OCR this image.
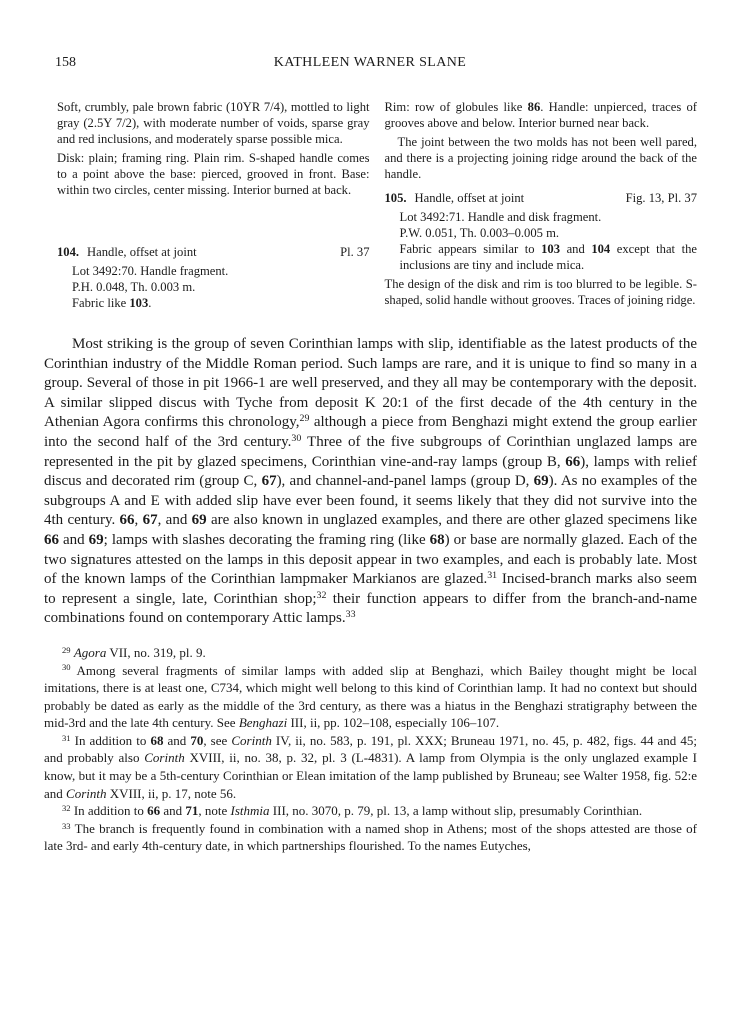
158	KATHLEEN WARNER SLANE

Soft, crumbly, pale brown fabric (10YR 7/4), mottled to light gray (2.5Y 7/2), with moderate number of voids, sparse gray and red inclusions, and moderately sparse possible mica.

Disk: plain; framing ring. Plain rim. S-shaped handle comes to a point above the base: pierced, grooved in front. Base: within two circles, center missing. Interior burned at back.

104. Handle, offset at joint	Pl. 37
Lot 3492:70. Handle fragment.
P.H. 0.048, Th. 0.003 m.
Fabric like 103.

Rim: row of globules like 86. Handle: unpierced, traces of grooves above and below. Interior burned near back.

The joint between the two molds has not been well pared, and there is a projecting joining ridge around the back of the handle.

105. Handle, offset at joint	Fig. 13, Pl. 37
Lot 3492:71. Handle and disk fragment.
P.W. 0.051, Th. 0.003–0.005 m.
Fabric appears similar to 103 and 104 except that the inclusions are tiny and include mica.

The design of the disk and rim is too blurred to be legible. S-shaped, solid handle without grooves. Traces of joining ridge.

Most striking is the group of seven Corinthian lamps with slip, identifiable as the latest products of the Corinthian industry of the Middle Roman period. Such lamps are rare, and it is unique to find so many in a group. Several of those in pit 1966-1 are well preserved, and they all may be contemporary with the deposit. A similar slipped discus with Tyche from deposit K 20:1 of the first decade of the 4th century in the Athenian Agora confirms this chronology,$^{29}$ although a piece from Benghazi might extend the group earlier into the second half of the 3rd century.$^{30}$ Three of the five subgroups of Corinthian unglazed lamps are represented in the pit by glazed specimens, Corinthian vine-and-ray lamps (group B, 66), lamps with relief discus and decorated rim (group C, 67), and channel-and-panel lamps (group D, 69). As no examples of the subgroups A and E with added slip have ever been found, it seems likely that they did not survive into the 4th century. 66, 67, and 69 are also known in unglazed examples, and there are other glazed specimens like 66 and 69; lamps with slashes decorating the framing ring (like 68) or base are normally glazed. Each of the two signatures attested on the lamps in this deposit appear in two examples, and each is probably late. Most of the known lamps of the Corinthian lampmaker Markianos are glazed.$^{31}$ Incised-branch marks also seem to represent a single, late, Corinthian shop;$^{32}$ their function appears to differ from the branch-and-name combinations found on contemporary Attic lamps.$^{33}$

$^{29}$ Agora VII, no. 319, pl. 9.

$^{30}$ Among several fragments of similar lamps with added slip at Benghazi, which Bailey thought might be local imitations, there is at least one, C734, which might well belong to this kind of Corinthian lamp. It had no context but should probably be dated as early as the middle of the 3rd century, as there was a hiatus in the Benghazi stratigraphy between the mid-3rd and the late 4th century. See Benghazi III, ii, pp. 102–108, especially 106–107.

$^{31}$ In addition to 68 and 70, see Corinth IV, ii, no. 583, p. 191, pl. XXX; Bruneau 1971, no. 45, p. 482, figs. 44 and 45; and probably also Corinth XVIII, ii, no. 38, p. 32, pl. 3 (L-4831). A lamp from Olympia is the only unglazed example I know, but it may be a 5th-century Corinthian or Elean imitation of the lamp published by Bruneau; see Walter 1958, fig. 52:e and Corinth XVIII, ii, p. 17, note 56.

$^{32}$ In addition to 66 and 71, note Isthmia III, no. 3070, p. 79, pl. 13, a lamp without slip, presumably Corinthian.

$^{33}$ The branch is frequently found in combination with a named shop in Athens; most of the shops attested are those of late 3rd- and early 4th-century date, in which partnerships flourished. To the names Eutyches,
